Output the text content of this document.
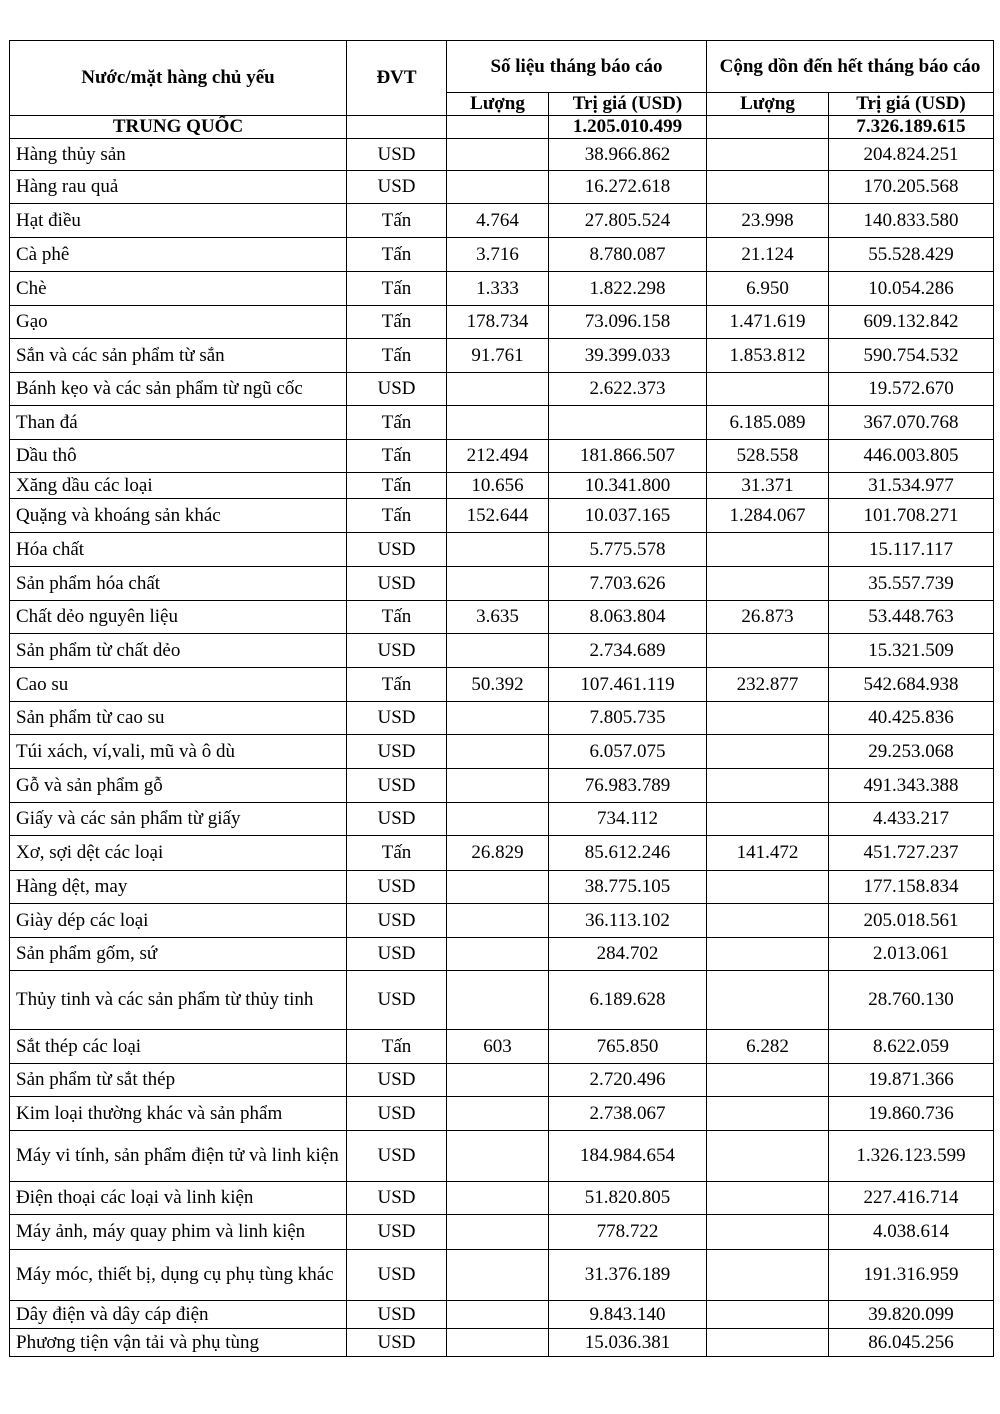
Nước/mặt hàng chủ yếu	ĐVT	Số liệu tháng báo cáo		Cộng dồn đến hết tháng báo cáo	
		Lượng	Trị giá (USD)	Lượng	Trị giá (USD)
TRUNG QUỐC			1.205.010.499		7.326.189.615
Hàng thủy sản	USD		38.966.862		204.824.251
Hàng rau quả	USD		16.272.618		170.205.568
Hạt điều	Tấn	4.764	27.805.524	23.998	140.833.580
Cà phê	Tấn	3.716	8.780.087	21.124	55.528.429
Chè	Tấn	1.333	1.822.298	6.950	10.054.286
Gạo	Tấn	178.734	73.096.158	1.471.619	609.132.842
Sắn và các sản phẩm từ sắn	Tấn	91.761	39.399.033	1.853.812	590.754.532
Bánh kẹo và các sản phẩm từ ngũ cốc	USD		2.622.373		19.572.670
Than đá	Tấn			6.185.089	367.070.768
Dầu thô	Tấn	212.494	181.866.507	528.558	446.003.805
Xăng dầu các loại	Tấn	10.656	10.341.800	31.371	31.534.977
Quặng và khoáng sản khác	Tấn	152.644	10.037.165	1.284.067	101.708.271
Hóa chất	USD		5.775.578		15.117.117
Sản phẩm hóa chất	USD		7.703.626		35.557.739
Chất dẻo nguyên liệu	Tấn	3.635	8.063.804	26.873	53.448.763
Sản phẩm từ chất dẻo	USD		2.734.689		15.321.509
Cao su	Tấn	50.392	107.461.119	232.877	542.684.938
Sản phẩm từ cao su	USD		7.805.735		40.425.836
Túi xách, ví,vali, mũ và ô dù	USD		6.057.075		29.253.068
Gỗ và sản phẩm gỗ	USD		76.983.789		491.343.388
Giấy và các sản phẩm từ giấy	USD		734.112		4.433.217
Xơ, sợi dệt các loại	Tấn	26.829	85.612.246	141.472	451.727.237
Hàng dệt, may	USD		38.775.105		177.158.834
Giày dép các loại	USD		36.113.102		205.018.561
Sản phẩm gốm, sứ	USD		284.702		2.013.061
Thủy tinh và các sản phẩm từ thủy tinh	USD		6.189.628		28.760.130
Sắt thép các loại	Tấn	603	765.850	6.282	8.622.059
Sản phẩm từ sắt thép	USD		2.720.496		19.871.366
Kim loại thường khác và sản phẩm	USD		2.738.067		19.860.736
Máy vi tính, sản phẩm điện tử và linh kiện	USD		184.984.654		1.326.123.599
Điện thoại các loại và linh kiện	USD		51.820.805		227.416.714
Máy ảnh, máy quay phim và linh kiện	USD		778.722		4.038.614
Máy móc, thiết bị, dụng cụ phụ tùng khác	USD		31.376.189		191.316.959
Dây điện và dây cáp điện	USD		9.843.140		39.820.099
Phương tiện vận tải và phụ tùng	USD		15.036.381		86.045.256
